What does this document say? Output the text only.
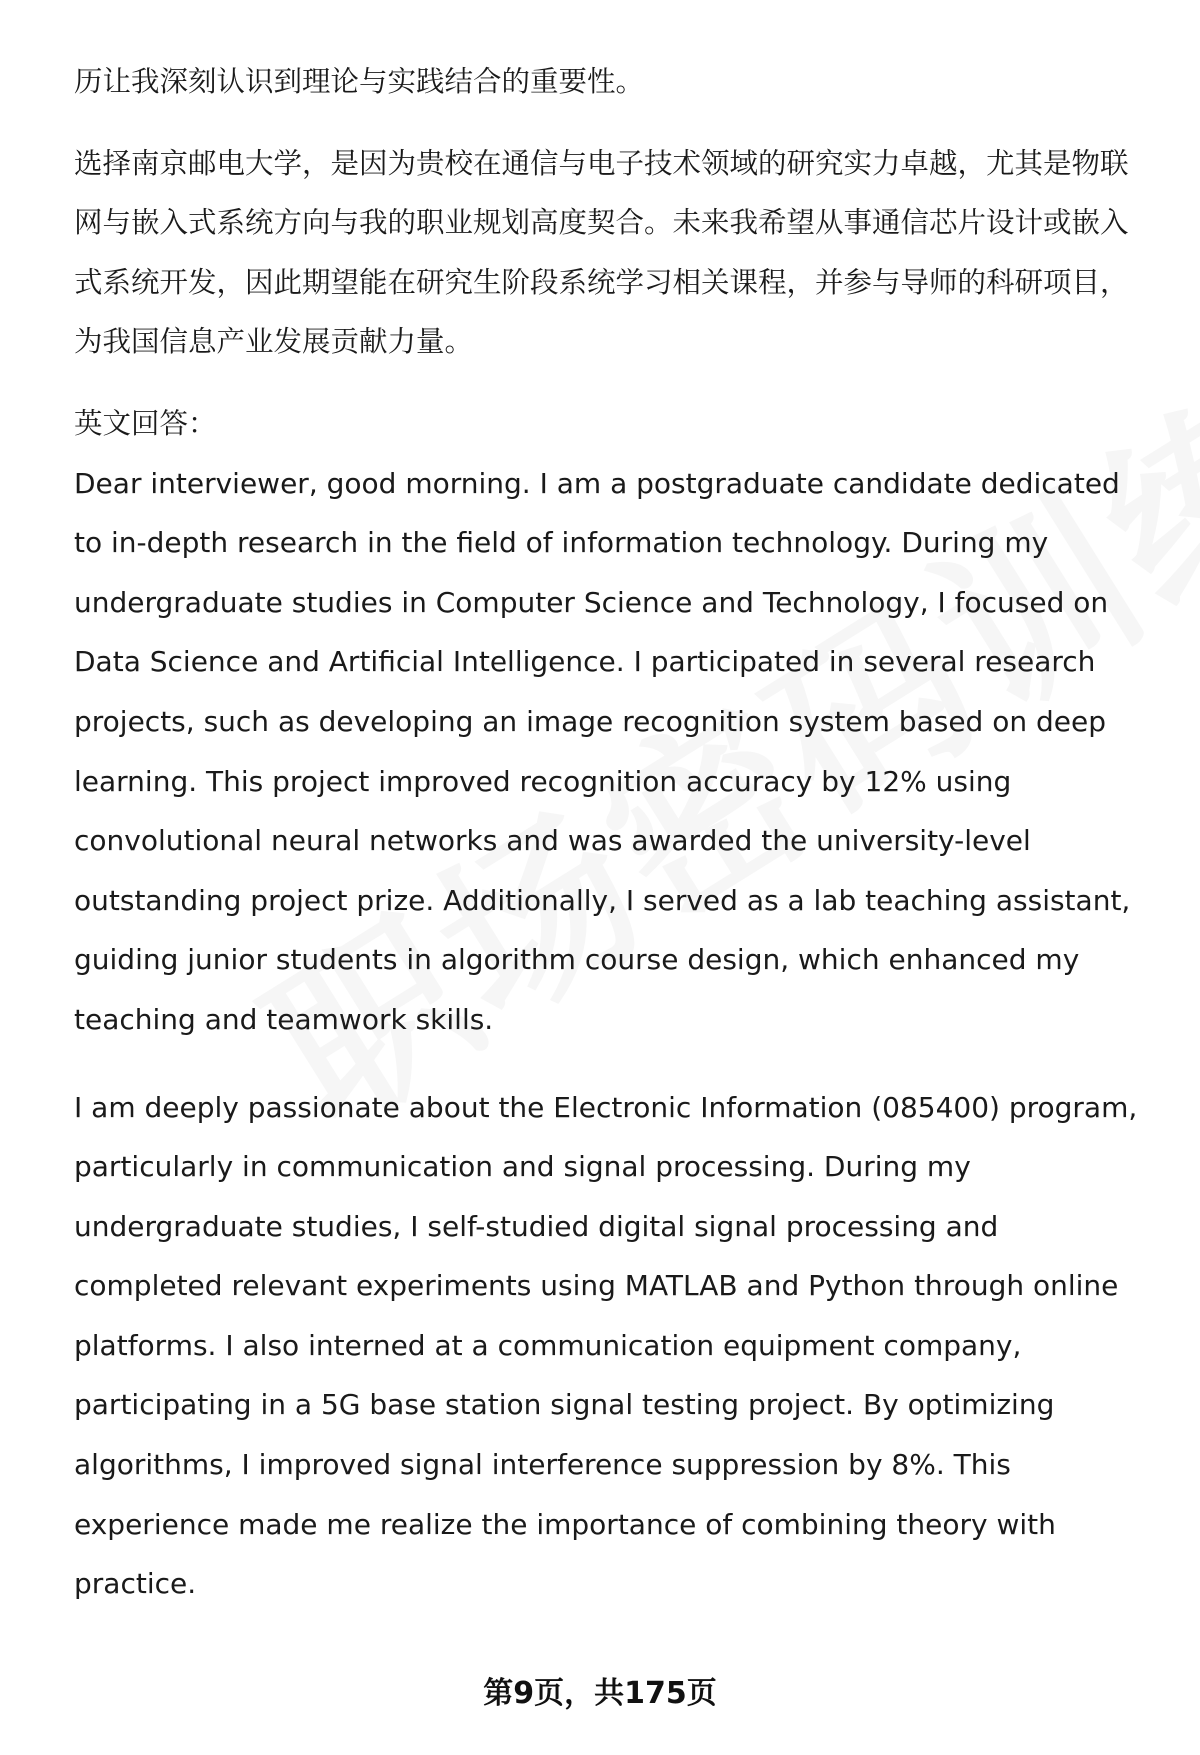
历让我深刻认识到理论与实践结合的重要性。

选择南京邮电大学，是因为贵校在通信与电子技术领域的研究实力卓越，尤其是物联网与嵌入式系统方向与我的职业规划高度契合。未来我希望从事通信芯片设计或嵌入式系统开发，因此期望能在研究生阶段系统学习相关课程，并参与导师的科研项目，为我国信息产业发展贡献力量。

英文回答：

Dear interviewer, good morning. I am a postgraduate candidate dedicated to in-depth research in the field of information technology. During my undergraduate studies in Computer Science and Technology, I focused on Data Science and Artificial Intelligence. I participated in several research projects, such as developing an image recognition system based on deep learning. This project improved recognition accuracy by 12% using convolutional neural networks and was awarded the university-level outstanding project prize. Additionally, I served as a lab teaching assistant, guiding junior students in algorithm course design, which enhanced my teaching and teamwork skills.

I am deeply passionate about the Electronic Information (085400) program, particularly in communication and signal processing. During my undergraduate studies, I self-studied digital signal processing and completed relevant experiments using MATLAB and Python through online platforms. I also interned at a communication equipment company, participating in a 5G base station signal testing project. By optimizing algorithms, I improved signal interference suppression by 8%. This experience made me realize the importance of combining theory with practice.

第9页，共175页
